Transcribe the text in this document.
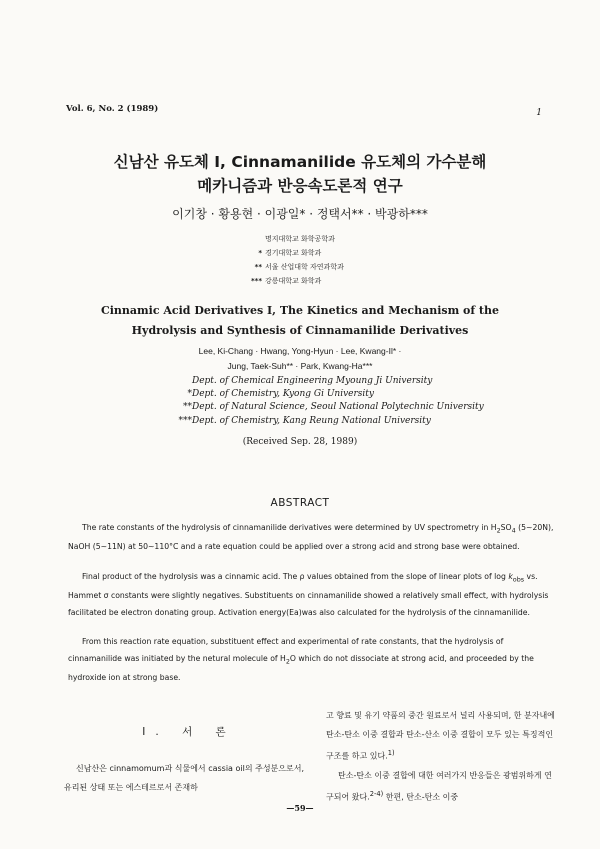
Vol. 6, No. 2 (1989)	1
신남산 유도체 I, Cinnamanilide 유도체의 가수분해
메카니즘과 반응속도론적 연구
이기창 · 황용현 · 이광일* · 정택서** · 박광하***
명지대학교 화학공학과
* 경기대학교 화학과
** 서울 산업대학 자연과학과
*** 강릉대학교 화학과
Cinnamic Acid Derivatives I, The Kinetics and Mechanism of the
Hydrolysis and Synthesis of Cinnamanilide Derivatives
Lee, Ki-Chang · Hwang, Yong-Hyun · Lee, Kwang-Il* ·
Jung, Taek-Suh** · Park, Kwang-Ha***
Dept. of Chemical Engineering Myoung Ji University
*Dept. of Chemistry, Kyong Gi University
**Dept. of Natural Science, Seoul National Polytechnic University
***Dept. of Chemistry, Kang Reung National University
(Received Sep. 28, 1989)
ABSTRACT

The rate constants of the hydrolysis of cinnamanilide derivatives were determined by UV spectrometry in $H_2SO_4$ (5~20N), NaOH (5~11N) at 50~110°C and a rate equation could be applied over a strong acid and strong base were obtained.

Final product of the hydrolysis was a cinnamic acid. The ρ values obtained from the slope of linear plots of $\log k_{obs}$ vs. Hammet σ constants were slightly negatives. Substituents on cinnamanilide showed a relatively small effect, with hydrolysis facilitated be electron donating group. Activation energy(Ea)was also calculated for the hydrolysis of the cinnamanilide.

From this reaction rate equation, substituent effect and experimental of rate constants, that the hydrolysis of cinnamanilide was initiated by the netural molecule of $H_2O$ which do not dissociate at strong acid, and proceeded by the hydroxide ion at strong base.

I. 서 론
신남산은 cinnamomum과 식물에서 cassia oil의 주성분으로서, 유리된 상태 또는 에스테르로서 존재하
고 향료 및 유기 약품의 중간 원료로서 널리 사용되며, 한 분자내에 탄소-탄소 이중 결합과 탄소-산소 이중 결합이 모두 있는 특징적인 구조를 하고 있다.$^{1)}$
탄소-탄소 이중 결합에 대한 여러가지 반응들은 광범위하게 연구되어 왔다.$^{2-4)}$ 한편, 탄소-탄소 이중
—59—
